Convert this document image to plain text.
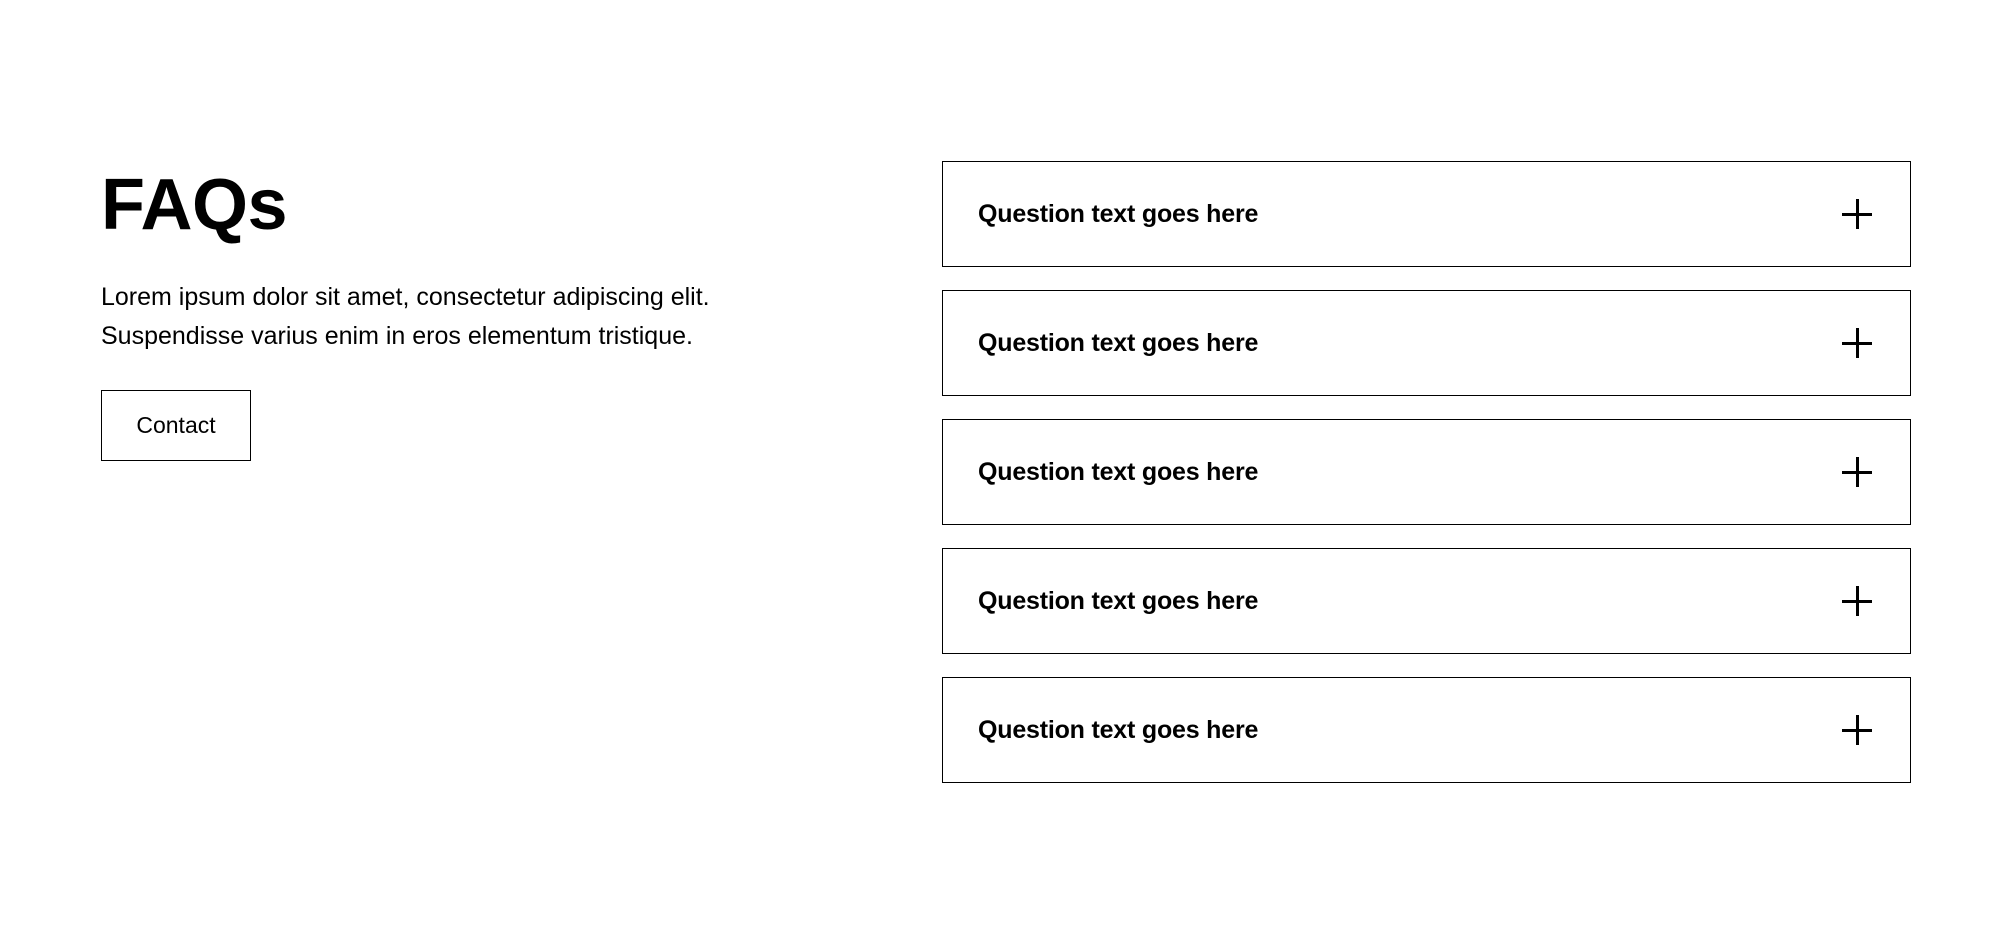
FAQs

Lorem ipsum dolor sit amet, consectetur adipiscing elit.
Suspendisse varius enim in eros elementum tristique.

Contact
Question text goes here
Question text goes here
Question text goes here
Question text goes here
Question text goes here
